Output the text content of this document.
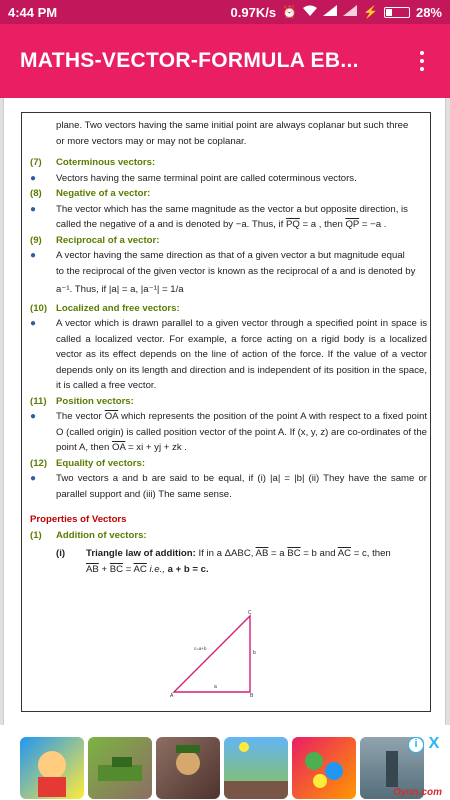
4:44 PM	0.97K/s ⏰	⚡	28%
MATHS-VECTOR-FORMULA EB...
plane. Two vectors having the same initial point are always coplanar but such three
or more vectors may or may not be coplanar.
(7)	Coterminous vectors:
●	Vectors having the same terminal point are called coterminous vectors.
(8)	Negative of a vector:
●	The vector which has the same magnitude as the vector a but opposite direction, is
called the negative of a and is denoted by −a. Thus, if $\overline{PQ} = a$ , then $\overline{QP} = -a$ .
(9)	Reciprocal of a vector:
●	A vector having the same direction as that of a given vector a but magnitude equal
to the reciprocal of the given vector is known as the reciprocal of a and is denoted by
a⁻¹. Thus, if |a| = a, |a⁻¹| = 1/a
(10) Localized and free vectors:
●	A vector which is drawn parallel to a given vector through a specified point in space is called a localized vector. For example, a force acting on a rigid body is a localized vector as its effect depends on the line of action of the force. If the value of a vector depends only on its length and direction and is independent of its position in the space, it is called a free vector.
(11) Position vectors:
●	The vector $\overline{OA}$ which represents the position of the point A with respect to a fixed point O (called origin) is called position vector of the point A. If (x, y, z) are co-ordinates of the point A, then $\overline{OA}$ = xi + yj + zk .
(12) Equality of vectors:
●	Two vectors a and b are said to be equal, if (i) |a| = |b| (ii) They have the same or parallel support and (iii) The same sense.
Properties of Vectors
(1)	Addition of vectors:
(i)	Triangle law of addition: If in a ΔABC, $\overline{AB} = a$ $\overline{BC} = b$ and $\overline{AC} = c$, then
$\overline{AB} + \overline{BC} = \overline{AC}$ i.e., a + b = c.
C
c=a+b
b
a
A	B
i X
Oyun.com
